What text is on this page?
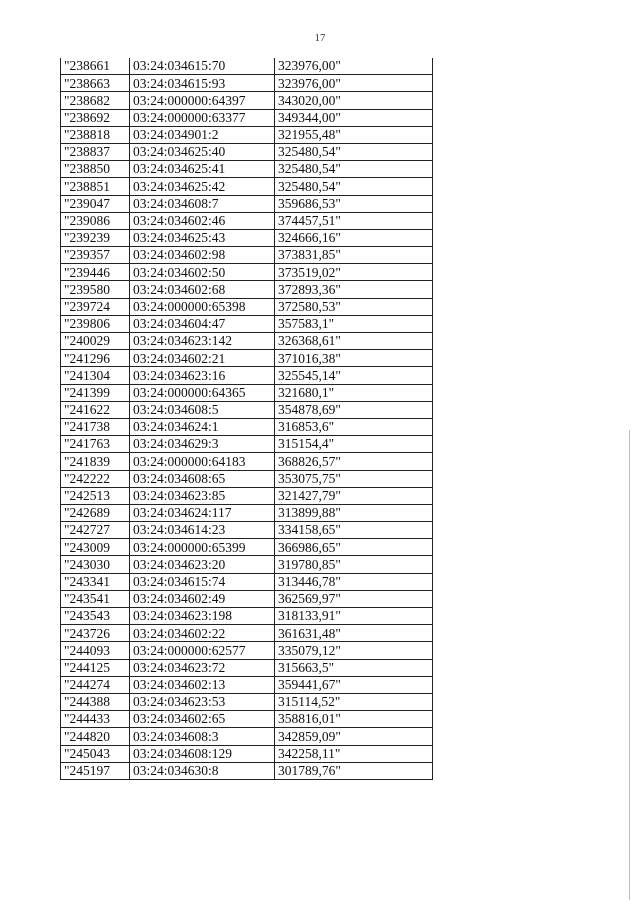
17
"238661	03:24:034615:70	323976,00"
"238663	03:24:034615:93	323976,00"
"238682	03:24:000000:64397	343020,00"
"238692	03:24:000000:63377	349344,00"
"238818	03:24:034901:2	321955,48"
"238837	03:24:034625:40	325480,54"
"238850	03:24:034625:41	325480,54"
"238851	03:24:034625:42	325480,54"
"239047	03:24:034608:7	359686,53"
"239086	03:24:034602:46	374457,51"
"239239	03:24:034625:43	324666,16"
"239357	03:24:034602:98	373831,85"
"239446	03:24:034602:50	373519,02"
"239580	03:24:034602:68	372893,36"
"239724	03:24:000000:65398	372580,53"
"239806	03:24:034604:47	357583,1"
"240029	03:24:034623:142	326368,61"
"241296	03:24:034602:21	371016,38"
"241304	03:24:034623:16	325545,14"
"241399	03:24:000000:64365	321680,1"
"241622	03:24:034608:5	354878,69"
"241738	03:24:034624:1	316853,6"
"241763	03:24:034629:3	315154,4"
"241839	03:24:000000:64183	368826,57"
"242222	03:24:034608:65	353075,75"
"242513	03:24:034623:85	321427,79"
"242689	03:24:034624:117	313899,88"
"242727	03:24:034614:23	334158,65"
"243009	03:24:000000:65399	366986,65"
"243030	03:24:034623:20	319780,85"
"243341	03:24:034615:74	313446,78"
"243541	03:24:034602:49	362569,97"
"243543	03:24:034623:198	318133,91"
"243726	03:24:034602:22	361631,48"
"244093	03:24:000000:62577	335079,12"
"244125	03:24:034623:72	315663,5"
"244274	03:24:034602:13	359441,67"
"244388	03:24:034623:53	315114,52"
"244433	03:24:034602:65	358816,01"
"244820	03:24:034608:3	342859,09"
"245043	03:24:034608:129	342258,11"
"245197	03:24:034630:8	301789,76"
